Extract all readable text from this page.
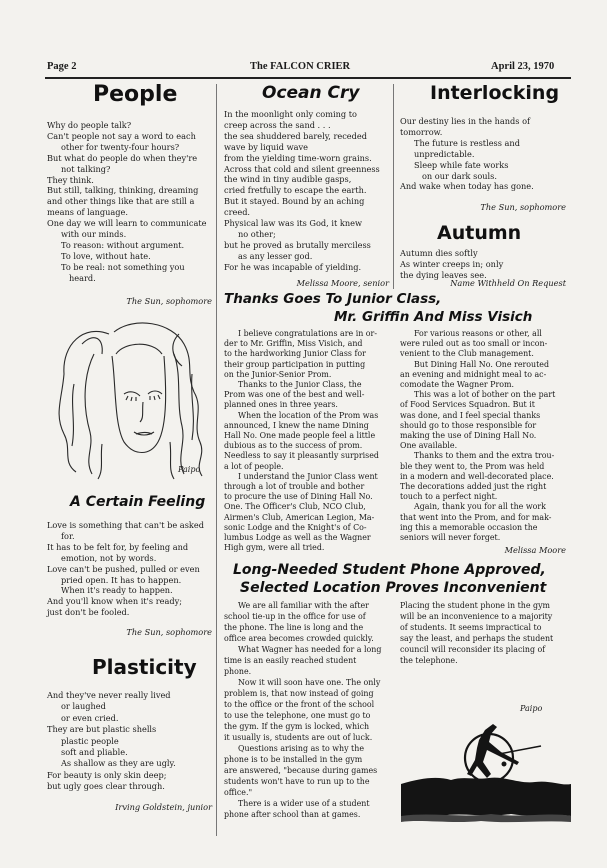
Page 2	The FALCON CRIER	April 23, 1970
People
Why do people talk?
Can't people not say a word to each
other for twenty-four hours?
But what do people do when they're
not talking?
They think.
But still, talking, thinking, dreaming
and other things like that are still a
means of language.
One day we will learn to communicate
with our minds.
To reason: without argument.
To love, without hate.
To be real: not something you
heard.
The Sun, sophomore
Paipo
A Certain Feeling
Love is something that can't be asked
for.
It has to be felt for, by feeling and
emotion, not by words.
Love can't be pushed, pulled or even
pried open. It has to happen.
When it's ready to happen.
And you'll know when it's ready;
just don't be fooled.
The Sun, sophomore
Plasticity
And they've never really lived
or laughed
or even cried.
They are but plastic shells
plastic people
soft and pliable.
As shallow as they are ugly.
For beauty is only skin deep;
but ugly goes clear through.
Irving Goldstein, junior
Ocean Cry
In the moonlight only coming to
creep across the sand . . .
the sea shuddered barely, receded
wave by liquid wave
from the yielding time-worn grains.
Across that cold and silent greenness
the wind in tiny audible gasps,
cried fretfully to escape the earth.
But it stayed. Bound by an aching
creed.
Physical law was its God, it knew
no other;
but he proved as brutally merciless
as any lesser god.
For he was incapable of yielding.
Melissa Moore, senior
Interlocking
Our destiny lies in the hands of
tomorrow.
The future is restless and
unpredictable.
Sleep while fate works
on our dark souls.
And wake when today has gone.
The Sun, sophomore
Autumn
Autumn dies softly
As winter creeps in; only
the dying leaves see.
Name Withheld On Request
Thanks Goes To Junior Class,
Mr. Griffin And Miss Visich
I believe congratulations are in or-
der to Mr. Griffin, Miss Visich, and
to the hardworking Junior Class for
their group participation in putting
on the Junior-Senior Prom.
Thanks to the Junior Class, the
Prom was one of the best and well-
planned ones in three years.
When the location of the Prom was
announced, I knew the name Dining
Hall No. One made people feel a little
dubious as to the success of prom.
Needless to say it pleasantly surprised
a lot of people.
I understand the Junior Class went
through a lot of trouble and bother
to procure the use of Dining Hall No.
One. The Officer's Club, NCO Club,
Airmen's Club, American Legion, Ma-
sonic Lodge and the Knight's of Co-
lumbus Lodge as well as the Wagner
High gym, were all tried.
For various reasons or other, all
were ruled out as too small or incon-
venient to the Club management.
But Dining Hall No. One rerouted
an evening and midnight meal to ac-
comodate the Wagner Prom.
This was a lot of bother on the part
of Food Services Squadron. But it
was done, and I feel special thanks
should go to those responsible for
making the use of Dining Hall No.
One available.
Thanks to them and the extra trou-
ble they went to, the Prom was held
in a modern and well-decorated place.
The decorations added just the right
touch to a perfect night.
Again, thank you for all the work
that went into the Prom, and for mak-
ing this a memorable occasion the
seniors will never forget.
Melissa Moore
Long-Needed Student Phone Approved,
Selected Location Proves Inconvenient
We are all familiar with the after
school tie-up in the office for use of
the phone. The line is long and the
office area becomes crowded quickly.
What Wagner has needed for a long
time is an easily reached student
phone.
Now it will soon have one. The only
problem is, that now instead of going
to the office or the front of the school
to use the telephone, one must go to
the gym. If the gym is locked, which
it usually is, students are out of luck.
Questions arising as to why the
phone is to be installed in the gym
are answered, "because during games
students won't have to run up to the
office."
There is a wider use of a student
phone after school than at games.
Placing the student phone in the gym
will be an inconvenience to a majority
of students. It seems impractical to
say the least, and perhaps the student
council will reconsider its placing of
the telephone.
Paipo
